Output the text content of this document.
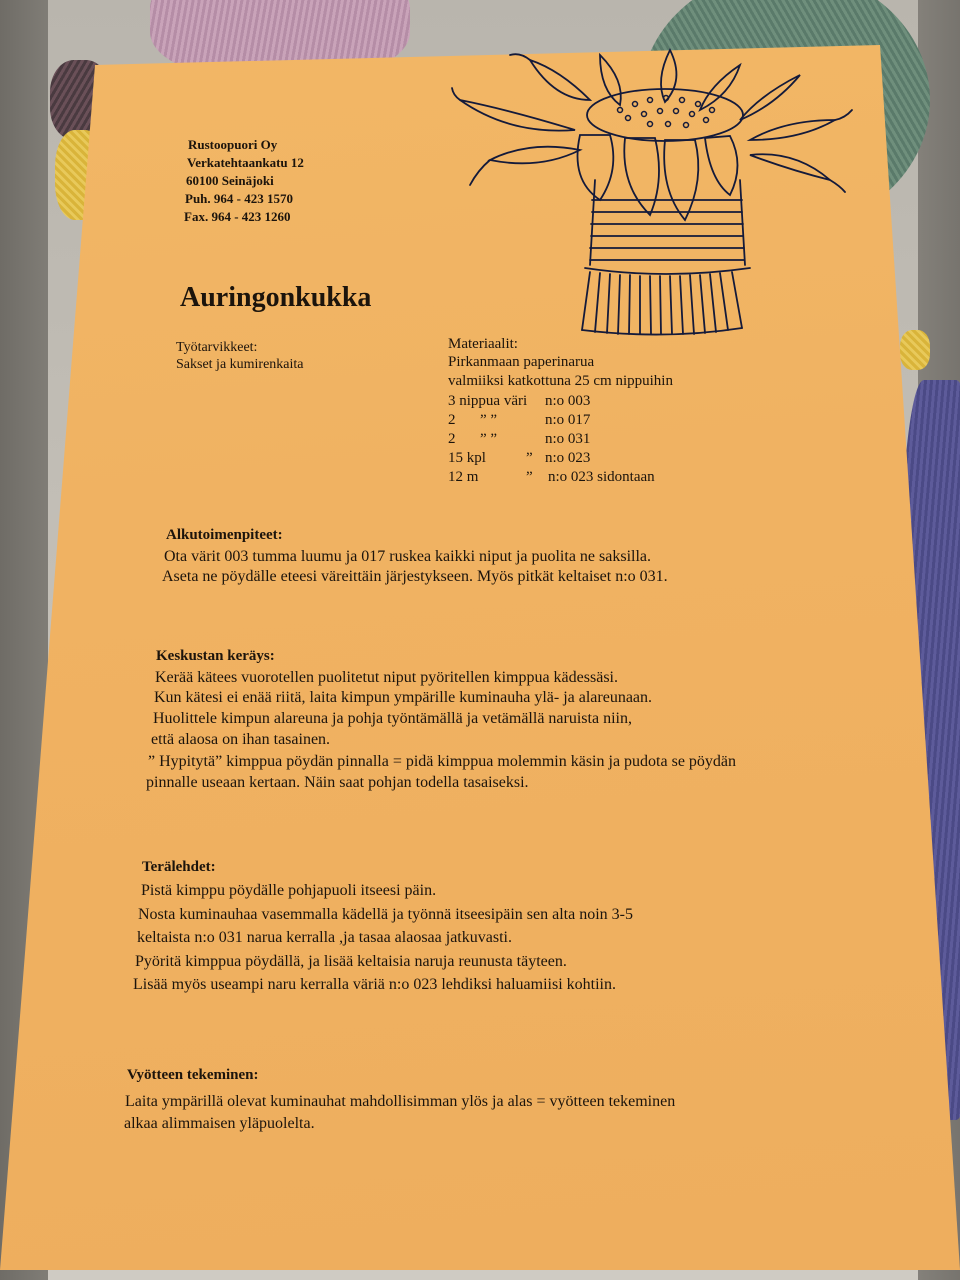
Rustoopuori Oy
Verkatehtaankatu 12
60100 Seinäjoki
Puh. 964 - 423 1570
Fax. 964 - 423 1260
Auringonkukka
Työtarvikkeet:
Sakset ja kumirenkaita
Materiaalit:
Pirkanmaan paperinarua
valmiiksi katkottuna 25 cm nippuihin
3 nippua väri n:o 003
2 ” ”	n:o 017
2 ” ”	n:o 031
15 kpl	” n:o 023
12 m	” n:o 023 sidontaan
Alkutoimenpiteet:
Ota värit 003 tumma luumu ja 017 ruskea kaikki niput ja puolita ne saksilla.
Aseta ne pöydälle eteesi väreittäin järjestykseen. Myös pitkät keltaiset n:o 031.
Keskustan keräys:
Kerää kätees vuorotellen puolitetut niput pyöritellen kimppua kädessäsi.
Kun kätesi ei enää riitä, laita kimpun ympärille kuminauha ylä- ja alareunaan.
Huolittele kimpun alareuna ja pohja työntämällä ja vetämällä naruista niin,
että alaosa on ihan tasainen.
” Hypitytä” kimppua pöydän pinnalla = pidä kimppua molemmin käsin ja pudota se pöydän
pinnalle useaan kertaan. Näin saat pohjan todella tasaiseksi.
Terälehdet:
Pistä kimppu pöydälle pohjapuoli itseesi päin.
Nosta kuminauhaa vasemmalla kädellä ja työnnä itseesipäin sen alta noin 3-5
keltaista n:o 031 narua kerralla ,ja tasaa alaosaa jatkuvasti.
Pyöritä kimppua pöydällä, ja lisää keltaisia naruja reunusta täyteen.
Lisää myös useampi naru kerralla väriä n:o 023 lehdiksi haluamiisi kohtiin.
Vyötteen tekeminen:
Laita ympärillä olevat kuminauhat mahdollisimman ylös ja alas = vyötteen tekeminen
alkaa alimmaisen yläpuolelta.
